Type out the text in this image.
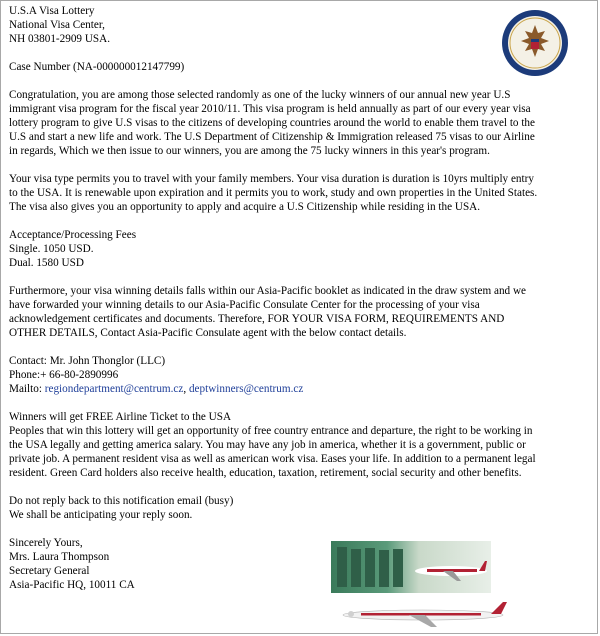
U.S.A Visa Lottery
National Visa Center,
NH 03801-2909 USA.

Case Number (NA-000000012147799)

Congratulation, you are among those selected randomly as one of the lucky winners of our annual new year U.S
immigrant visa program for the fiscal year 2010/11. This visa program is held annually as part of our every year visa
lottery program to give U.S visas to the citizens of developing countries around the world to enable them travel to the
U.S and start a new life and work. The U.S Department of Citizenship & Immigration released 75 visas to our Airline
in regards, Which we then issue to our winners, you are among the 75 lucky winners in this year's program.

Your visa type permits you to travel with your family members. Your visa duration is duration is 10yrs multiply entry
to the USA. It is renewable upon expiration and it permits you to work, study and own properties in the United States.
The visa also gives you an opportunity to apply and acquire a U.S Citizenship while residing in the USA.

Acceptance/Processing Fees
Single. 1050 USD.
Dual. 1580 USD

Furthermore, your visa winning details falls within our Asia-Pacific booklet as indicated in the draw system and we
have forwarded your winning details to our Asia-Pacific Consulate Center for the processing of your visa
acknowledgement certificates and documents. Therefore, FOR YOUR VISA FORM, REQUIREMENTS AND
OTHER DETAILS, Contact Asia-Pacific Consulate agent with the below contact details.

Contact: Mr. John Thonglor (LLC)
Phone:+ 66-80-2890996
Mailto: regiondepartment@centrum.cz, deptwinners@centrum.cz

Winners will get FREE Airline Ticket to the USA
Peoples that win this lottery will get an opportunity of free country entrance and departure, the right to be working in
the USA legally and getting america salary. You may have any job in america, whether it is a government, public or
private job. A permanent resident visa as well as american work visa. Eases your life. In addition to a permanent legal
resident. Green Card holders also receive health, education, taxation, retirement, social security and other benefits.

Do not reply back to this notification email (busy)
We shall be anticipating your reply soon.

Sincerely Yours,
Mrs. Laura Thompson
Secretary General
Asia-Pacific HQ, 10011 CA
